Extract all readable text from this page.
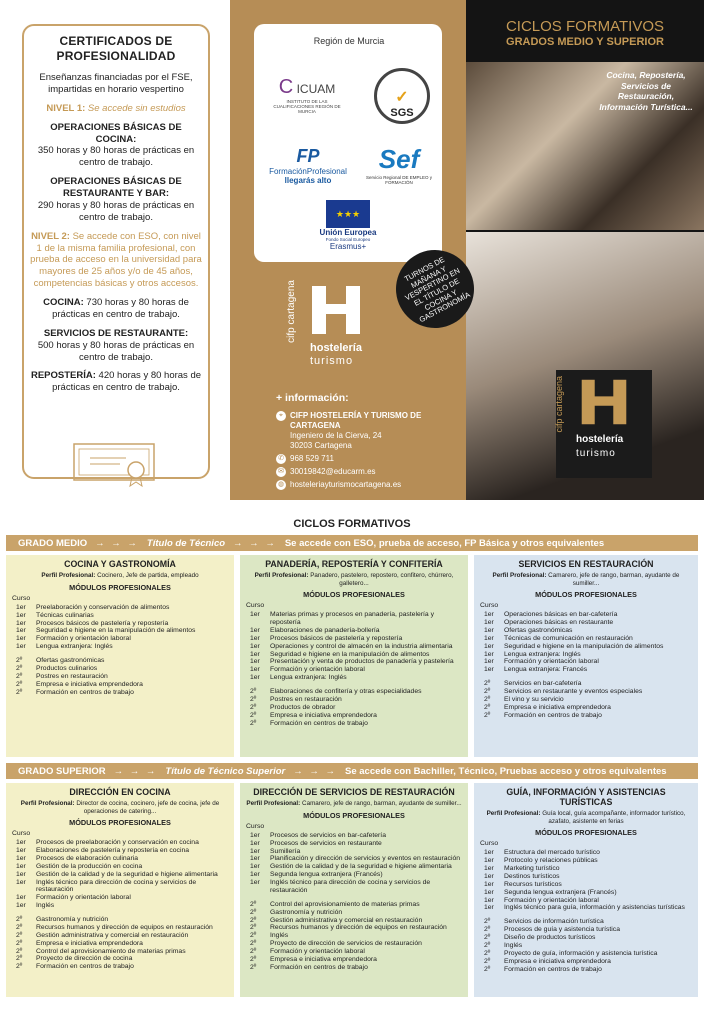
CERTIFICADOS DE PROFESIONALIDAD
Enseñanzas financiadas por el FSE, impartidas en horario vespertino
NIVEL 1: Se accede sin estudios
OPERACIONES BÁSICAS DE COCINA:
350 horas y 80 horas de prácticas en centro de trabajo.
OPERACIONES BÁSICAS DE RESTAURANTE Y BAR:
290 horas y 80 horas de prácticas en centro de trabajo.
NIVEL 2: Se accede con ESO, con nivel 1 de la misma familia profesional, con prueba de acceso en la universidad para mayores de 25 años y/o de 45 años, competencias básicas y otros accesos.
COCINA: 730 horas y 80 horas de prácticas en centro de trabajo.
SERVICIOS DE RESTAURANTE:
500 horas y 80 horas de prácticas en centro de trabajo.
REPOSTERÍA: 420 horas y 80 horas de prácticas en centro de trabajo.
Región de Murcia
C ICUAM
INSTITUTO DE LAS CUALIFICACIONES REGIÓN DE MURCIA
✓
SGS
FP
FormaciónProfesional
llegarás alto
Sef
Servicio Regional DE EMPLEO y FORMACIÓN
★★★
Unión Europea
Fondo Social Europeo
Erasmus+
TURNOS DE MAÑANA Y VESPERTINO EN EL TÍTULO DE COCINA Y GASTRONOMÍA
cifp cartagena
hostelería
turismo
+ información:
⌖ CIFP HOSTELERÍA Y TURISMO DE CARTAGENA
Ingeniero de la Cierva, 24
30203 Cartagena
✆ 968 529 711
✉ 30019842@educarm.es
◍ hosteleriayturismocartagena.es
CICLOS FORMATIVOS
GRADOS MEDIO Y SUPERIOR
Cocina, Repostería, Servicios de Restauración, Información Turística...
cifp cartagena
hostelería
turismo
CICLOS FORMATIVOS
GRADO MEDIO → → → Título de Técnico → → → Se accede con ESO, prueba de acceso, FP Básica y otros equivalentes
COCINA Y GASTRONOMÍA
Perfil Profesional: Cocinero, Jefe de partida, empleado
MÓDULOS PROFESIONALES
Curso
1er	Preelaboración y conservación de alimentos
1er	Técnicas culinarias
1er	Procesos básicos de pastelería y repostería
1er	Seguridad e higiene en la manipulación de alimentos
1er	Formación y orientación laboral
1er	Lengua extranjera: Inglés
2º	Ofertas gastronómicas
2º	Productos culinarios
2º	Postres en restauración
2º	Empresa e iniciativa emprendedora
2º	Formación en centros de trabajo
PANADERÍA, REPOSTERÍA Y CONFITERÍA
Perfil Profesional: Panadero, pastelero, repostero, confitero, chúrrero, galletero...
MÓDULOS PROFESIONALES
Curso
1er	Materias primas y procesos en panadería, pastelería y repostería
1er	Elaboraciones de panadería-bollería
1er	Procesos básicos de pastelería y repostería
1er	Operaciones y control de almacén en la industria alimentaria
1er	Seguridad e higiene en la manipulación de alimentos
1er	Presentación y venta de productos de panadería y pastelería
1er	Formación y orientación laboral
1er	Lengua extranjera: Inglés
2º	Elaboraciones de confitería y otras especialidades
2º	Postres en restauración
2º	Productos de obrador
2º	Empresa e iniciativa emprendedora
2º	Formación en centros de trabajo
SERVICIOS EN RESTAURACIÓN
Perfil Profesional: Camarero, jefe de rango, barman, ayudante de sumiller...
MÓDULOS PROFESIONALES
Curso
1er	Operaciones básicas en bar-cafetería
1er	Operaciones básicas en restaurante
1er	Ofertas gastronómicas
1er	Técnicas de comunicación en restauración
1er	Seguridad e higiene en la manipulación de alimentos
1er	Lengua extranjera: Inglés
1er	Formación y orientación laboral
1er	Lengua extranjera: Francés
2º	Servicios en bar-cafetería
2º	Servicios en restaurante y eventos especiales
2º	El vino y su servicio
2º	Empresa e iniciativa emprendedora
2º	Formación en centros de trabajo
GRADO SUPERIOR → → → Título de Técnico Superior → → → Se accede con Bachiller, Técnico, Pruebas acceso y otros equivalentes
DIRECCIÓN EN COCINA
Perfil Profesional: Director de cocina, cocinero, jefe de cocina, jefe de operaciones de catering...
MÓDULOS PROFESIONALES
Curso
1er	Procesos de preelaboración y conservación en cocina
1er	Elaboraciones de pastelería y repostería en cocina
1er	Procesos de elaboración culinaria
1er	Gestión de la producción en cocina
1er	Gestión de la calidad y de la seguridad e higiene alimentaria
1er	Inglés técnico para dirección de cocina y servicios de restauración
1er	Formación y orientación laboral
1er	Inglés
2º	Gastronomía y nutrición
2º	Recursos humanos y dirección de equipos en restauración
2º	Gestión administrativa y comercial en restauración
2º	Empresa e iniciativa emprendedora
2º	Control del aprovisionamiento de materias primas
2º	Proyecto de dirección de cocina
2º	Formación en centros de trabajo
DIRECCIÓN DE SERVICIOS DE RESTAURACIÓN
Perfil Profesional: Camarero, jefe de rango, barman, ayudante de sumiller...
MÓDULOS PROFESIONALES
Curso
1er	Procesos de servicios en bar-cafetería
1er	Procesos de servicios en restaurante
1er	Sumillería
1er	Planificación y dirección de servicios y eventos en restauración
1er	Gestión de la calidad y de la seguridad e higiene alimentaria
1er	Segunda lengua extranjera (Francés)
1er	Inglés técnico para dirección de cocina y servicios de restauración
2º	Control del aprovisionamiento de materias primas
2º	Gastronomía y nutrición
2º	Gestión administrativa y comercial en restauración
2º	Recursos humanos y dirección de equipos en restauración
2º	Inglés
2º	Proyecto de dirección de servicios de restauración
2º	Formación y orientación laboral
2º	Empresa e iniciativa emprendedora
2º	Formación en centros de trabajo
GUÍA, INFORMACIÓN Y ASISTENCIAS TURÍSTICAS
Perfil Profesional: Guía local, guía acompañante, informador turístico, azafato, asistente en ferias
MÓDULOS PROFESIONALES
Curso
1er	Estructura del mercado turístico
1er	Protocolo y relaciones públicas
1er	Marketing turístico
1er	Destinos turísticos
1er	Recursos turísticos
1er	Segunda lengua extranjera (Francés)
1er	Formación y orientación laboral
1er	Inglés técnico para guía, información y asistencias turísticas
2º	Servicios de información turística
2º	Procesos de guía y asistencia turística
2º	Diseño de productos turísticos
2º	Inglés
2º	Proyecto de guía, información y asistencia turística
2º	Empresa e iniciativa emprendedora
2º	Formación en centros de trabajo
